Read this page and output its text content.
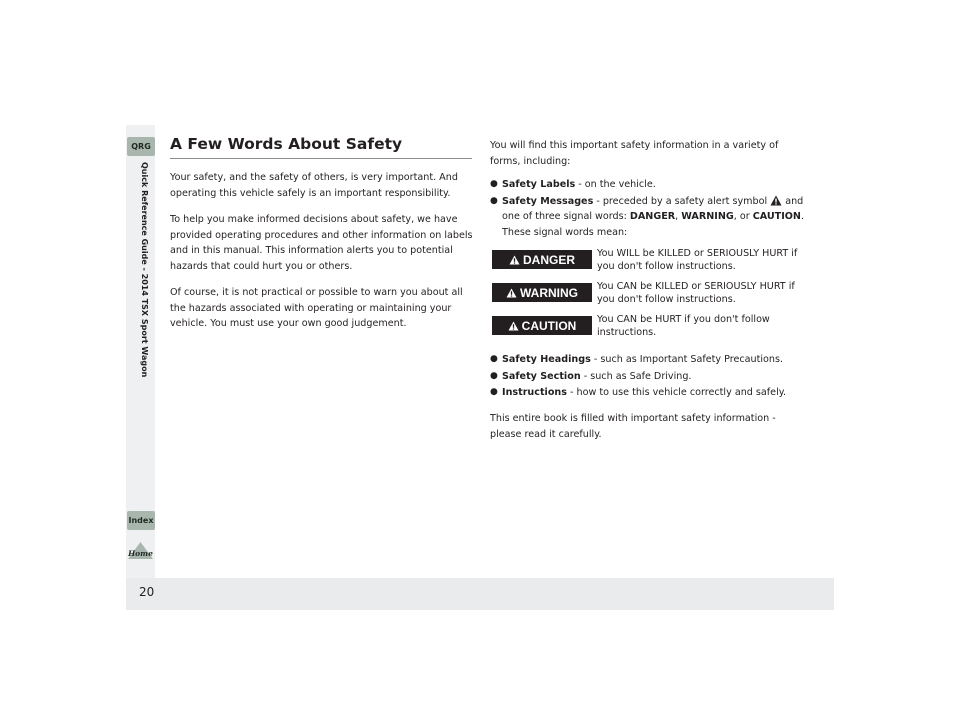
20
QRG
Quick Reference Guide - 2014 TSX Sport Wagon
Index
Home
A Few Words About Safety

Your safety, and the safety of others, is very important. And operating this vehicle safely is an important responsibility.

To help you make informed decisions about safety, we have provided operating procedures and other information on labels and in this manual. This information alerts you to potential hazards that could hurt you or others.

Of course, it is not practical or possible to warn you about all the hazards associated with operating or maintaining your vehicle. You must use your own good judgement.

You will find this important safety information in a variety of forms, including:

● Safety Labels - on the vehicle.
● Safety Messages - preceded by a safety alert symbol  and one of three signal words: DANGER, WARNING, or CAUTION.
These signal words mean:
DANGER You WILL be KILLED or SERIOUSLY HURT if you don't follow instructions.
WARNING You CAN be KILLED or SERIOUSLY HURT if you don't follow instructions.
CAUTION You CAN be HURT if you don't follow instructions.
● Safety Headings - such as Important Safety Precautions.
● Safety Section - such as Safe Driving.
● Instructions - how to use this vehicle correctly and safely.

This entire book is filled with important safety information - please read it carefully.
